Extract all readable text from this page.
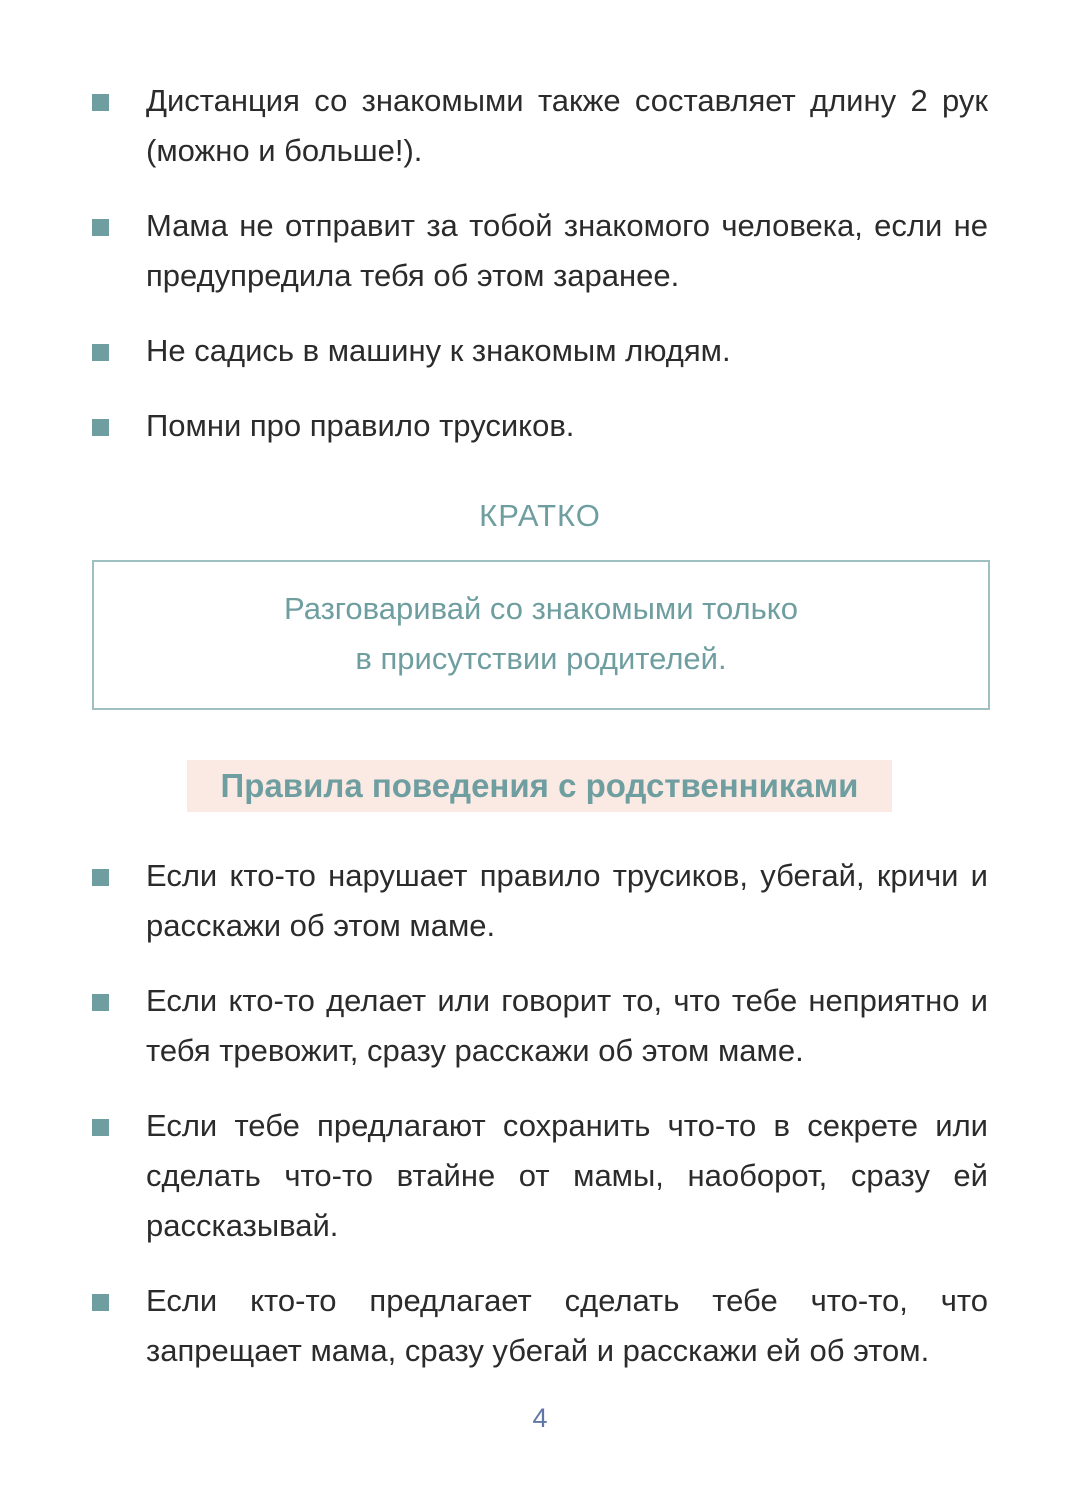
Дистанция со знакомыми также составляет длину 2 рук (можно и больше!).
Мама не отправит за тобой знакомого человека, если не предупредила тебя об этом заранее.
Не садись в машину к знакомым людям.
Помни про правило трусиков.
КРАТКО

Разговаривай со знакомыми только
в присутствии родителей.

Правила поведения с родственниками
Если кто-то нарушает правило трусиков, убегай, кричи и расскажи об этом маме.
Если кто-то делает или говорит то, что тебе неприятно и тебя тревожит, сразу расскажи об этом маме.
Если тебе предлагают сохранить что-то в секрете или сделать что-то втайне от мамы, наоборот, сразу ей рассказывай.
Если кто-то предлагает сделать тебе что-то, что запрещает мама, сразу убегай и расскажи ей об этом.
4
